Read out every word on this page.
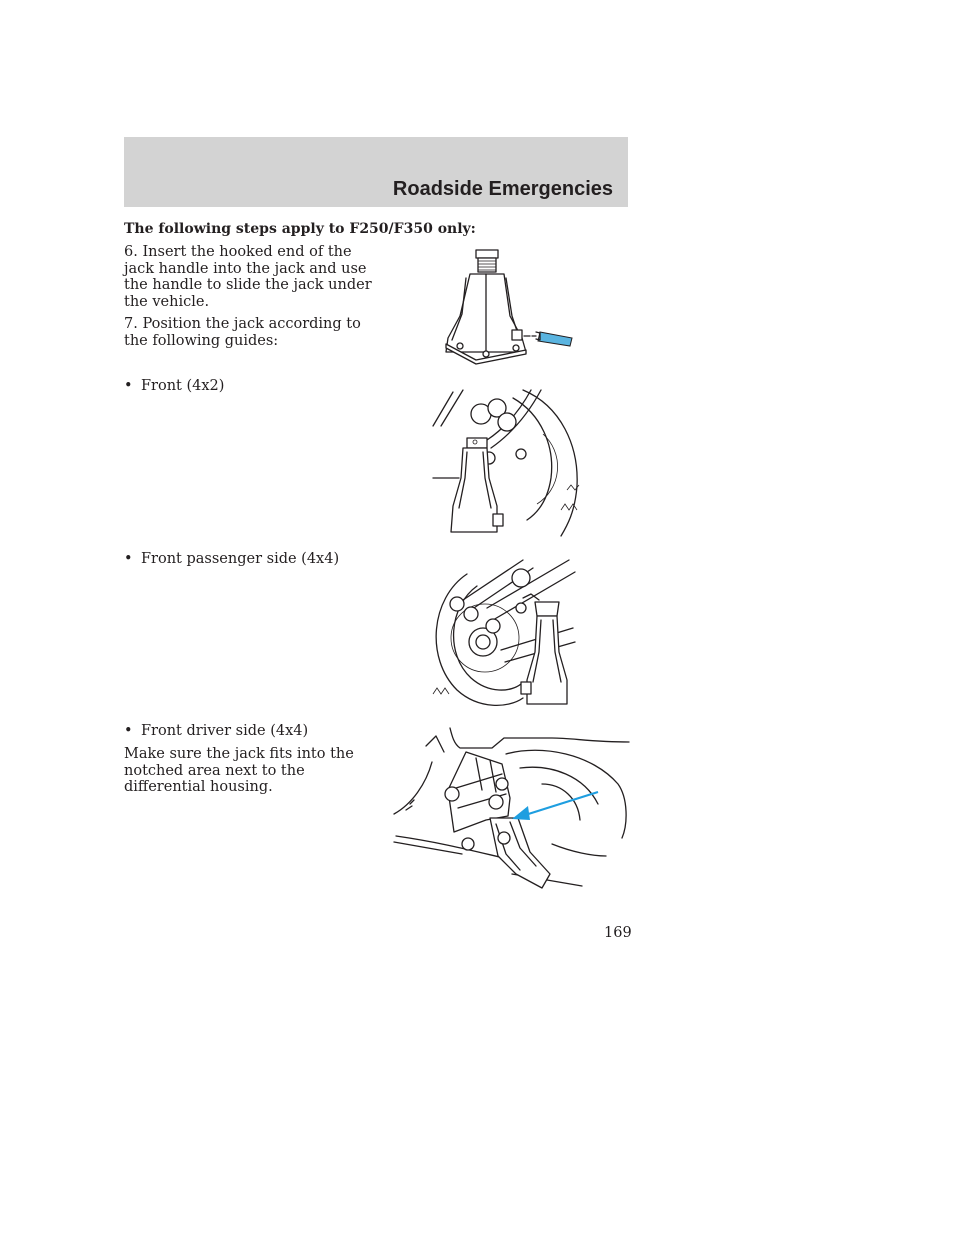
Roadside Emergencies

The following steps apply to F250/F350 only:

6. Insert the hooked end of the jack handle into the jack and use the handle to slide the jack under the vehicle.

7. Position the jack according to the following guides:

• Front (4x2)

• Front passenger side (4x4)

• Front driver side (4x4)

Make sure the jack fits into the notched area next to the differential housing.

169
